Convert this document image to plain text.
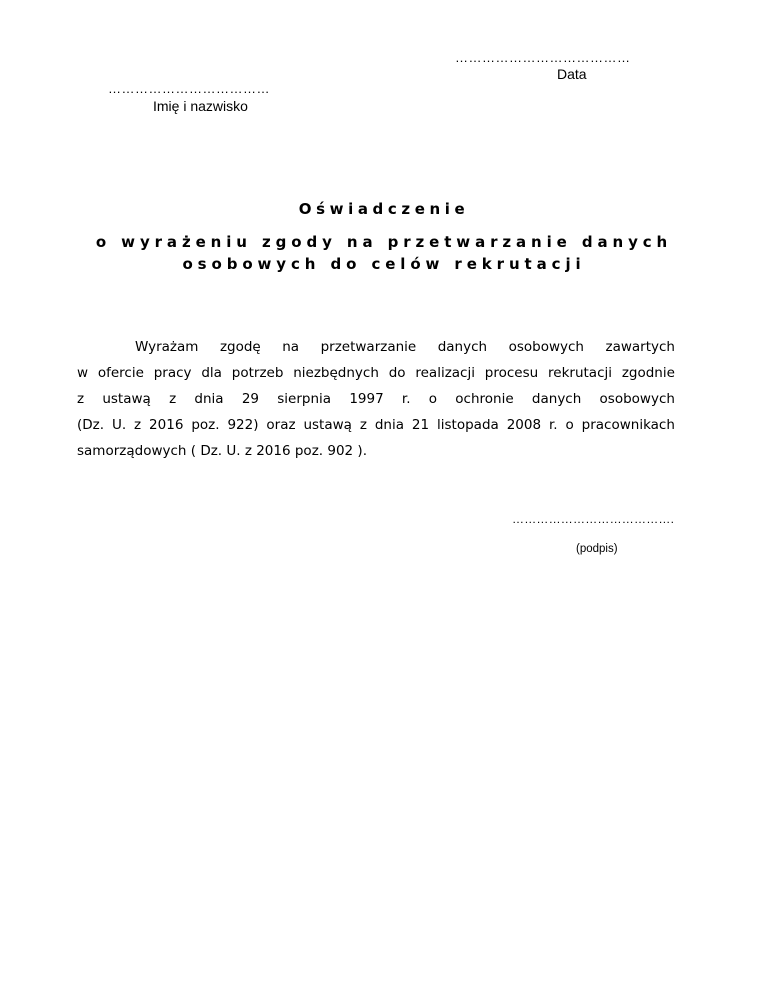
…………………………………
Data
………………………………
Imię i nazwisko
Oświadczenie
o wyrażeniu zgody na przetwarzanie danych
osobowych do celów rekrutacji
Wyrażam zgodę na przetwarzanie danych osobowych zawartych
w ofercie pracy dla potrzeb niezbędnych do realizacji procesu rekrutacji zgodnie
z ustawą z dnia 29 sierpnia 1997 r. o ochronie danych osobowych
(Dz. U. z 2016 poz. 922) oraz ustawą z dnia 21 listopada 2008 r. o pracownikach
samorządowych ( Dz. U. z 2016 poz. 902 ).
………………………………….
(podpis)
